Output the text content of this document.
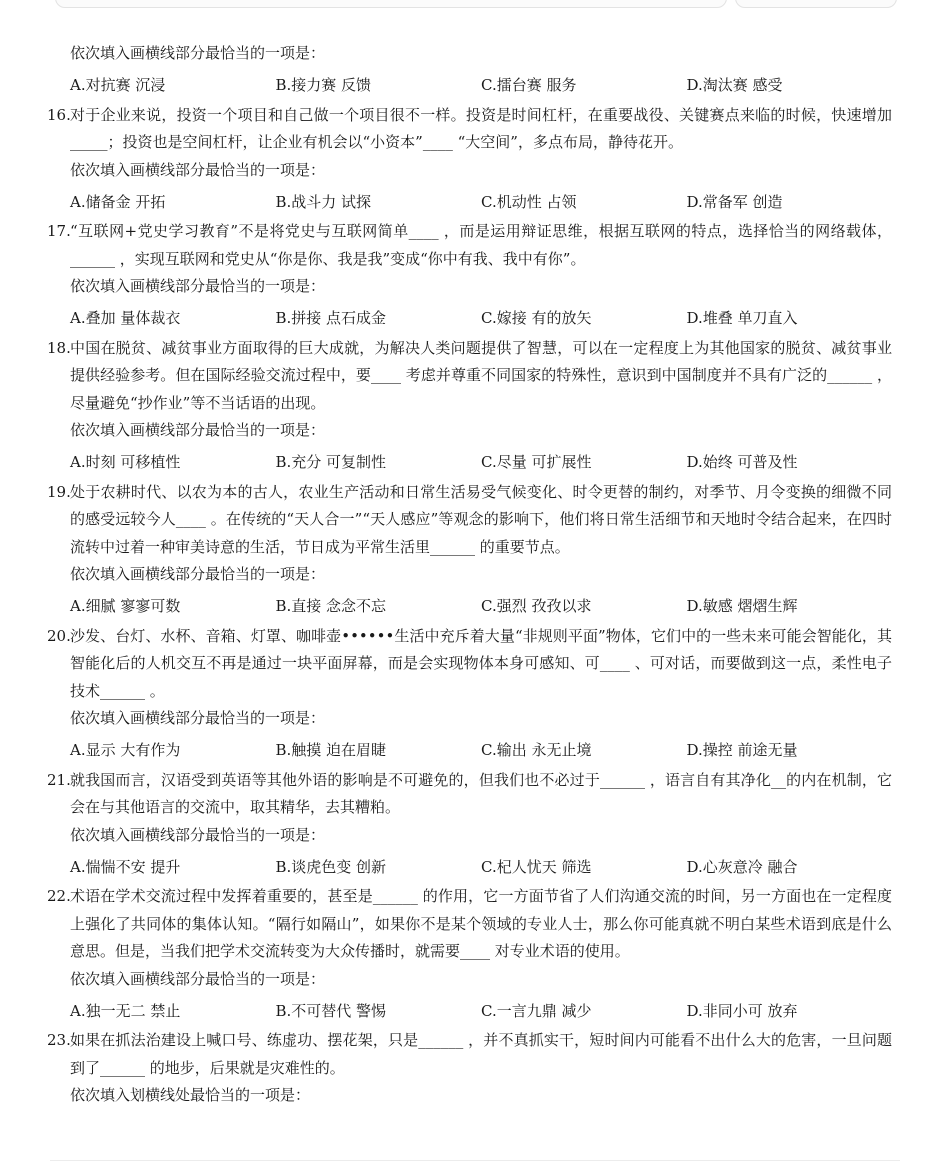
依次填入画横线部分最恰当的一项是：
A.对抗赛 沉浸	B.接力赛 反馈	C.擂台赛 服务	D.淘汰赛 感受
16. 对于企业来说，投资一个项目和自己做一个项目很不一样。投资是时间杠杆，在重要战役、关键赛点来临的时候，快速增加_____；投资也是空间杠杆，让企业有机会以“小资本”____ “大空间”，多点布局，静待花开。
依次填入画横线部分最恰当的一项是：
A.储备金 开拓	B.战斗力 试探	C.机动性 占领	D.常备军 创造
17. “互联网+党史学习教育”不是将党史与互联网简单____ ，而是运用辩证思维，根据互联网的特点，选择恰当的网络载体，______ ，实现互联网和党史从“你是你、我是我”变成“你中有我、我中有你”。
依次填入画横线部分最恰当的一项是：
A.叠加 量体裁衣	B.拼接 点石成金	C.嫁接 有的放矢	D.堆叠 单刀直入
18. 中国在脱贫、减贫事业方面取得的巨大成就，为解决人类问题提供了智慧，可以在一定程度上为其他国家的脱贫、减贫事业提供经验参考。但在国际经验交流过程中，要____ 考虑并尊重不同国家的特殊性，意识到中国制度并不具有广泛的______ ，尽量避免“抄作业”等不当话语的出现。
依次填入画横线部分最恰当的一项是：
A.时刻 可移植性	B.充分 可复制性	C.尽量 可扩展性	D.始终 可普及性
19. 处于农耕时代、以农为本的古人，农业生产活动和日常生活易受气候变化、时令更替的制约，对季节、月令变换的细微不同的感受远较今人____ 。在传统的“天人合一”“天人感应”等观念的影响下，他们将日常生活细节和天地时令结合起来，在四时流转中过着一种审美诗意的生活，节日成为平常生活里______ 的重要节点。
依次填入画横线部分最恰当的一项是：
A.细腻 寥寥可数	B.直接 念念不忘	C.强烈 孜孜以求	D.敏感 熠熠生辉
20. 沙发、台灯、水杯、音箱、灯罩、咖啡壶••••••生活中充斥着大量“非规则平面”物体，它们中的一些未来可能会智能化，其智能化后的人机交互不再是通过一块平面屏幕，而是会实现物体本身可感知、可____ 、可对话，而要做到这一点，柔性电子技术______ 。
依次填入画横线部分最恰当的一项是：
A.显示 大有作为	B.触摸 迫在眉睫	C.输出 永无止境	D.操控 前途无量
21. 就我国而言，汉语受到英语等其他外语的影响是不可避免的，但我们也不必过于______ ，语言自有其净化__的内在机制，它会在与其他语言的交流中，取其精华，去其糟粕。
依次填入画横线部分最恰当的一项是：
A.惴惴不安 提升	B.谈虎色变 创新	C.杞人忧天 筛选	D.心灰意冷 融合
22. 术语在学术交流过程中发挥着重要的，甚至是______ 的作用，它一方面节省了人们沟通交流的时间，另一方面也在一定程度上强化了共同体的集体认知。“隔行如隔山”，如果你不是某个领域的专业人士，那么你可能真就不明白某些术语到底是什么意思。但是，当我们把学术交流转变为大众传播时，就需要____ 对专业术语的使用。
依次填入画横线部分最恰当的一项是：
A.独一无二 禁止	B.不可替代 警惕	C.一言九鼎 减少	D.非同小可 放弃
23. 如果在抓法治建设上喊口号、练虚功、摆花架，只是______ ，并不真抓实干，短时间内可能看不出什么大的危害，一旦问题到了______ 的地步，后果就是灾难性的。
依次填入划横线处最恰当的一项是：
